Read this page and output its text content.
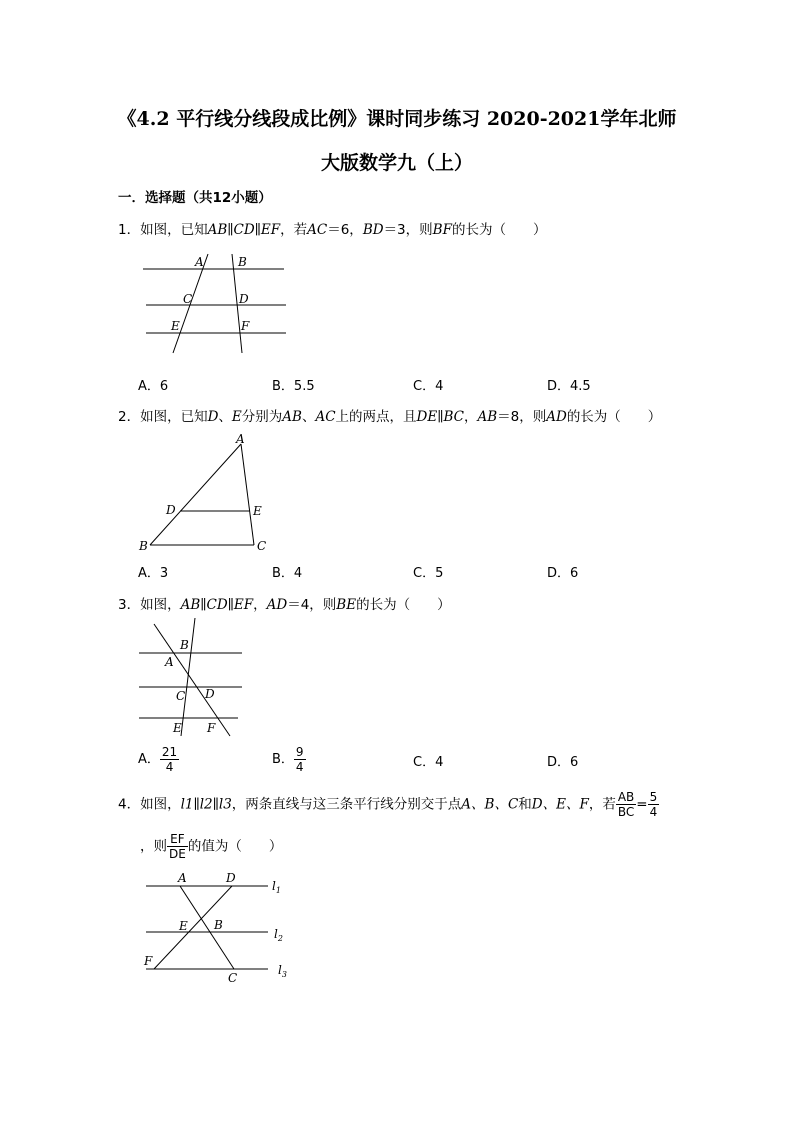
《4.2 平行线分线段成比例》课时同步练习 2020-2021学年北师
大版数学九（上）
一．选择题（共12小题）
1．如图，已知AB∥CD∥EF，若AC＝6，BD＝3，则BF的长为（　　）
A	B
C	D
E	F
A．6	B．5.5	C．4	D．4.5
2．如图，已知D、E分别为AB、AC上的两点，且DE∥BC，AB＝8，则AD的长为（　　）
A
D	E
B	C
A．3	B．4	C．5	D．6
3．如图，AB∥CD∥EF，AD＝4，则BE的长为（　　）
B
A
C D
E F
A． $\frac{21}{4}$	B． $\frac{9}{4}$	C．4	D．6
4．如图，l1∥l2∥l3，两条直线与这三条平行线分别交于点A、B、C和D、E、F，若 $\frac{AB}{BC} = \frac{5}{4}$
，则 $\frac{EF}{DE}$ 的值为（　　）
A	D
E B
F
C
$l_1$
$l_2$
$l_3$
